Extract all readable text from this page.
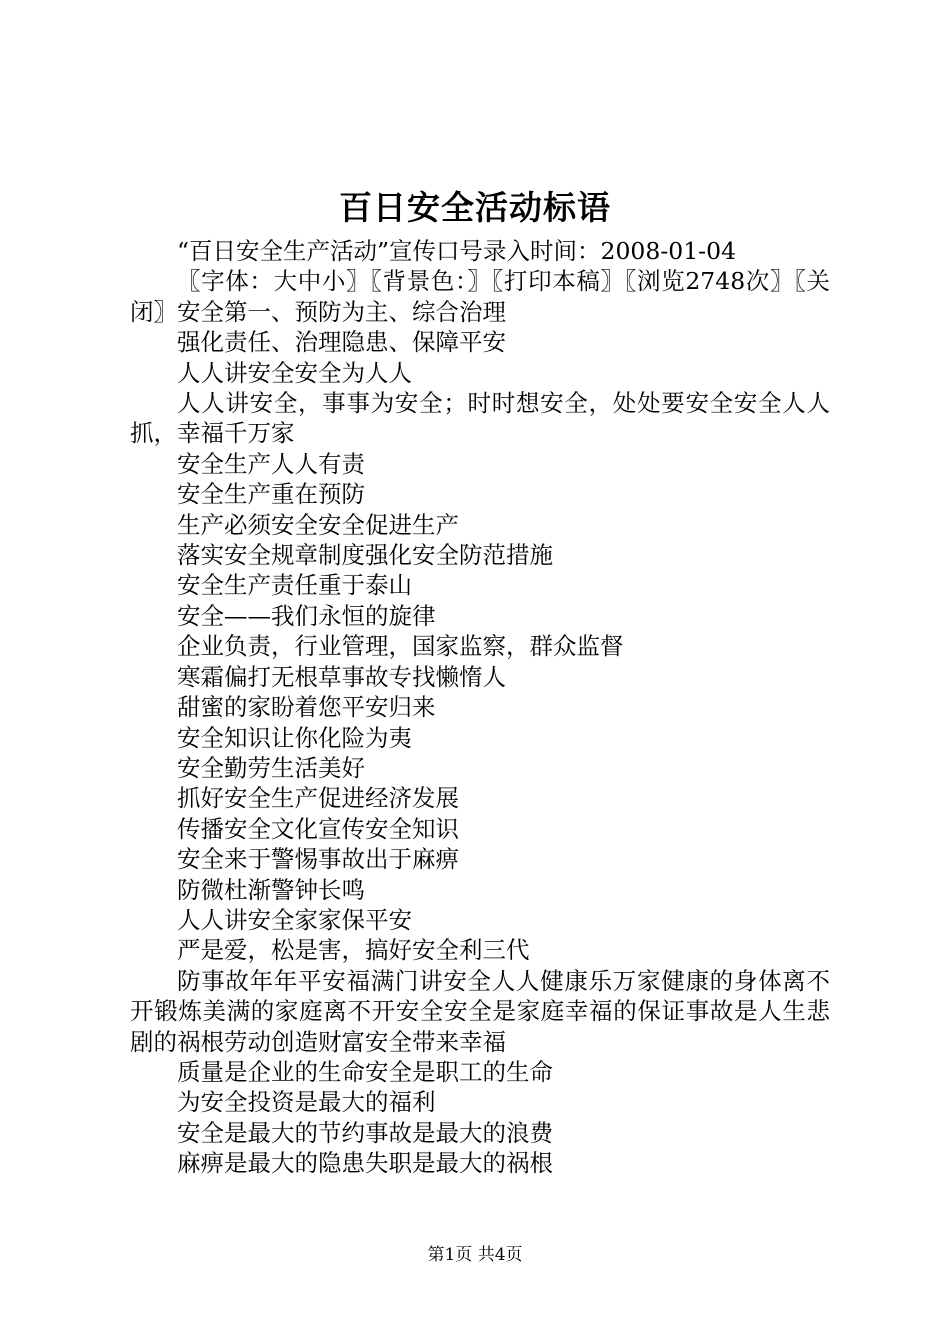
百日安全活动标语

“百日安全生产活动”宣传口号录入时间：2008-01-04

〖字体：大中小〗〖背景色：〗〖打印本稿〗〖浏览2748次〗〖关闭〗安全第一、预防为主、综合治理

强化责任、治理隐患、保障平安

人人讲安全安全为人人

人人讲安全，事事为安全；时时想安全，处处要安全安全人人抓，幸福千万家

安全生产人人有责

安全生产重在预防

生产必须安全安全促进生产

落实安全规章制度强化安全防范措施

安全生产责任重于泰山

安全——我们永恒的旋律

企业负责，行业管理，国家监察，群众监督

寒霜偏打无根草事故专找懒惰人

甜蜜的家盼着您平安归来

安全知识让你化险为夷

安全勤劳生活美好

抓好安全生产促进经济发展

传播安全文化宣传安全知识

安全来于警惕事故出于麻痹

防微杜渐警钟长鸣

人人讲安全家家保平安

严是爱，松是害，搞好安全利三代

防事故年年平安福满门讲安全人人健康乐万家健康的身体离不开锻炼美满的家庭离不开安全安全是家庭幸福的保证事故是人生悲剧的祸根劳动创造财富安全带来幸福

质量是企业的生命安全是职工的生命

为安全投资是最大的福利

安全是最大的节约事故是最大的浪费

麻痹是最大的隐患失职是最大的祸根

第1页 共4页
